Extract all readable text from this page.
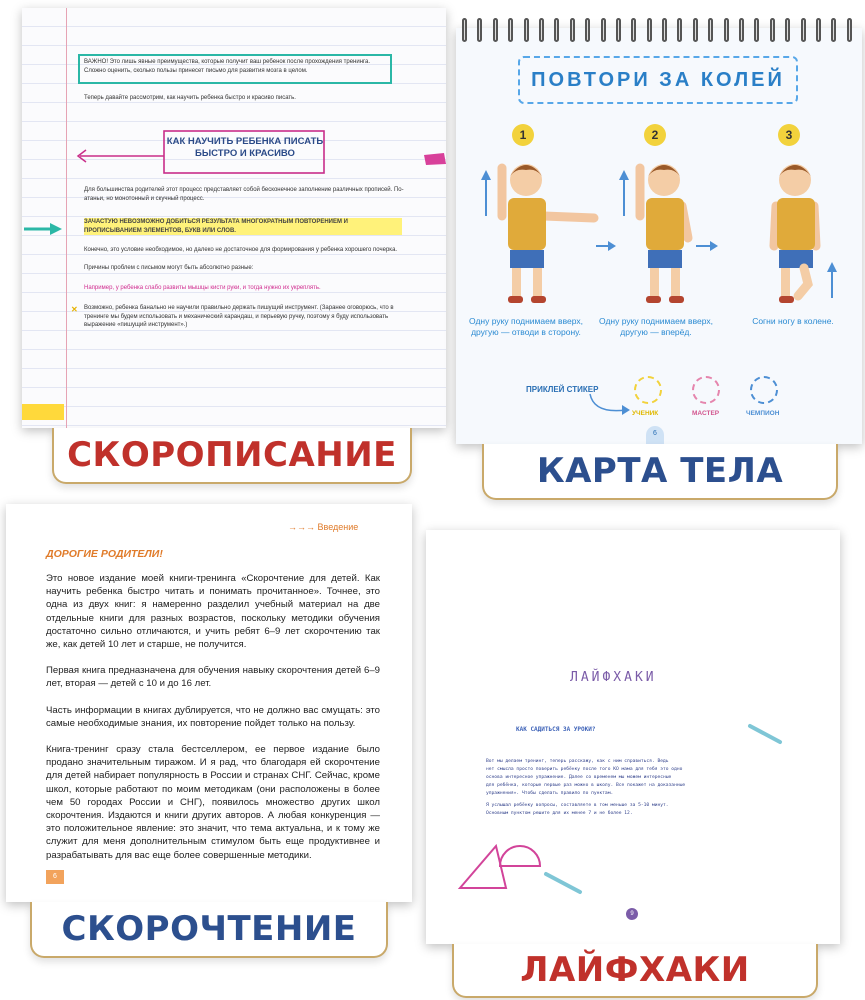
ВАЖНО! Это лишь явные преимущества, которые получит ваш ребенок после прохождения тренинга. Сложно оценить, сколько пользы принесет письмо для развития мозга в целом.
Теперь давайте рассмотрим, как научить ребенка быстро и красиво писать.
КАК НАУЧИТЬ РЕБЕНКА ПИСАТЬ БЫСТРО И КРАСИВО
Для большинства родителей этот процесс представляет собой бесконечное заполнение различных прописей. По-атаньи, но монотонный и скучный процесс.
ЗАЧАСТУЮ НЕВОЗМОЖНО ДОБИТЬСЯ РЕЗУЛЬТАТА МНОГОКРАТНЫМ ПОВТОРЕНИЕМ И ПРОПИСЫВАНИЕМ ЭЛЕМЕНТОВ, БУКВ ИЛИ СЛОВ.
Конечно, это условие необходимое, но далеко не достаточное для формирования у ребенка хорошего почерка.
Причины проблем с письмом могут быть абсолютно разные:
Например, у ребенка слабо развиты мышцы кисти руки, и тогда нужно их укреплять.
✕ Возможно, ребенка банально не научили правильно держать пишущий инструмент. (Заранее оговорюсь, что в тренинге мы будем использовать и механический карандаш, и перьевую ручку, поэтому я буду использовать выражение «пишущий инструмент».)
СКОРОПИСАНИЕ
ПОВТОРИ ЗА КОЛЕЙ
1	2	3
Одну руку поднимаем вверх, другую — отводи в сторону.
Одну руку поднимаем вверх, другую — вперёд.
Согни ногу в колене.
ПРИКЛЕЙ СТИКЕР
УЧЕНИК	МАСТЕР	ЧЕМПИОН
6
КАРТА ТЕЛА
→→→ Введение
ДОРОГИЕ РОДИТЕЛИ!

Это новое издание моей книги-тренинга «Скорочтение для детей. Как научить ребенка быстро читать и понимать прочитанное». Точнее, это одна из двух книг: я намеренно разделил учебный материал на две отдельные книги для разных возрастов, поскольку методики обучения достаточно сильно отличаются, и учить ребят 6–9 лет скорочтению так же, как детей 10 лет и старше, не получится.

Первая книга предназначена для обучения навыку скорочтения детей 6–9 лет, вторая — детей с 10 и до 16 лет.

Часть информации в книгах дублируется, что не должно вас смущать: это самые необходимые знания, их повторение пойдет только на пользу.

Книга-тренинг сразу стала бестселлером, ее первое издание было продано значительным тиражом. И я рад, что благодаря ей скорочтение для детей набирает популярность в России и странах СНГ. Сейчас, кроме школ, которые работают по моим методикам (они расположены в более чем 50 городах России и СНГ), появилось множество других школ скорочтения. Издаются и книги других авторов. А любая конкуренция — это положительное явление: это значит, что тема актуальна, и к тому же служит для меня дополнительным стимулом быть еще продуктивнее и разрабатывать для вас еще более совершенные методики.

6
СКОРОЧТЕНИЕ
ЛАЙФХАКИ
КАК САДИТЬСЯ ЗА УРОКИ?
Вот мы делаем тренинг, теперь расскажу, как с ним справиться. Ведь
нет смысла просто поверить ребёнку после того КО мама для тебя это одно
основа интересное упражнение. Далее со временем мы можем интересные
для ребёнка, которые первые раз можно в школу. Все покажет на доказанные
упражнения». Чтобы сделать правило по пунктам.
Я услышал ребёнку вопросы, составляете в том меньше за 5-10 минут.
Основным пунктом решите для их менее 7 и не более 12.
9
ЛАЙФХАКИ
